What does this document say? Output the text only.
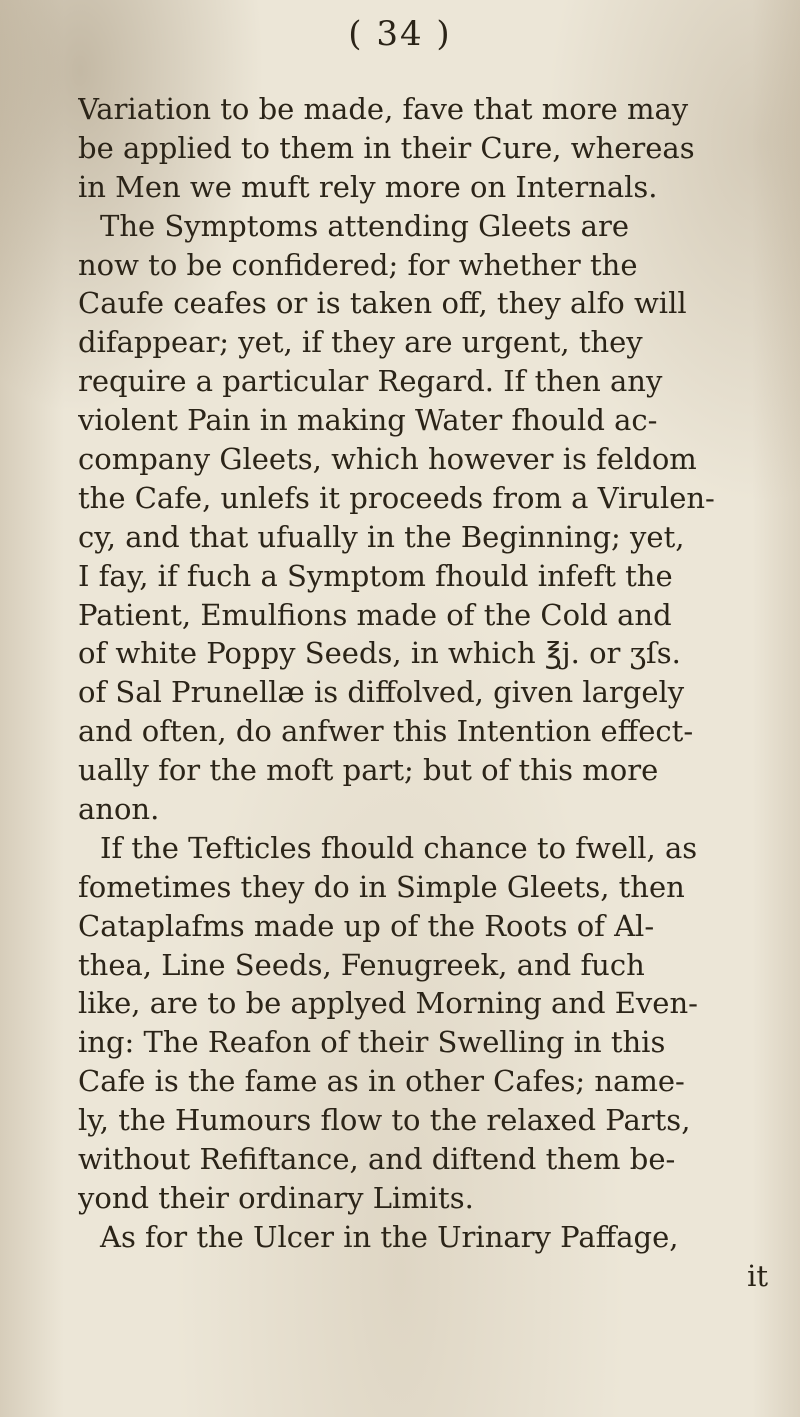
( 34 )
Variation to be made, fave that more may
be applied to them in their Cure, whereas
in Men we muft rely more on Internals.
The Symptoms attending Gleets are
now to be confidered; for whether the
Caufe ceafes or is taken off, they alfo will
difappear; yet, if they are urgent, they
require a particular Regard. If then any
violent Pain in making Water fhould ac-
company Gleets, which however is feldom
the Cafe, unlefs it proceeds from a Virulen-
cy, and that ufually in the Beginning; yet,
I fay, if fuch a Symptom fhould infeft the
Patient, Emulfions made of the Cold and
of white Poppy Seeds, in which ℥j. or ʒſs.
of Sal Prunellæ is diffolved, given largely
and often, do anfwer this Intention effect-
ually for the moft part; but of this more
anon.
If the Tefticles fhould chance to fwell, as
fometimes they do in Simple Gleets, then
Cataplafms made up of the Roots of Al-
thea, Line Seeds, Fenugreek, and fuch
like, are to be applyed Morning and Even-
ing: The Reafon of their Swelling in this
Cafe is the fame as in other Cafes; name-
ly, the Humours flow to the relaxed Parts,
without Refiftance, and diftend them be-
yond their ordinary Limits.
As for the Ulcer in the Urinary Paffage,
it
